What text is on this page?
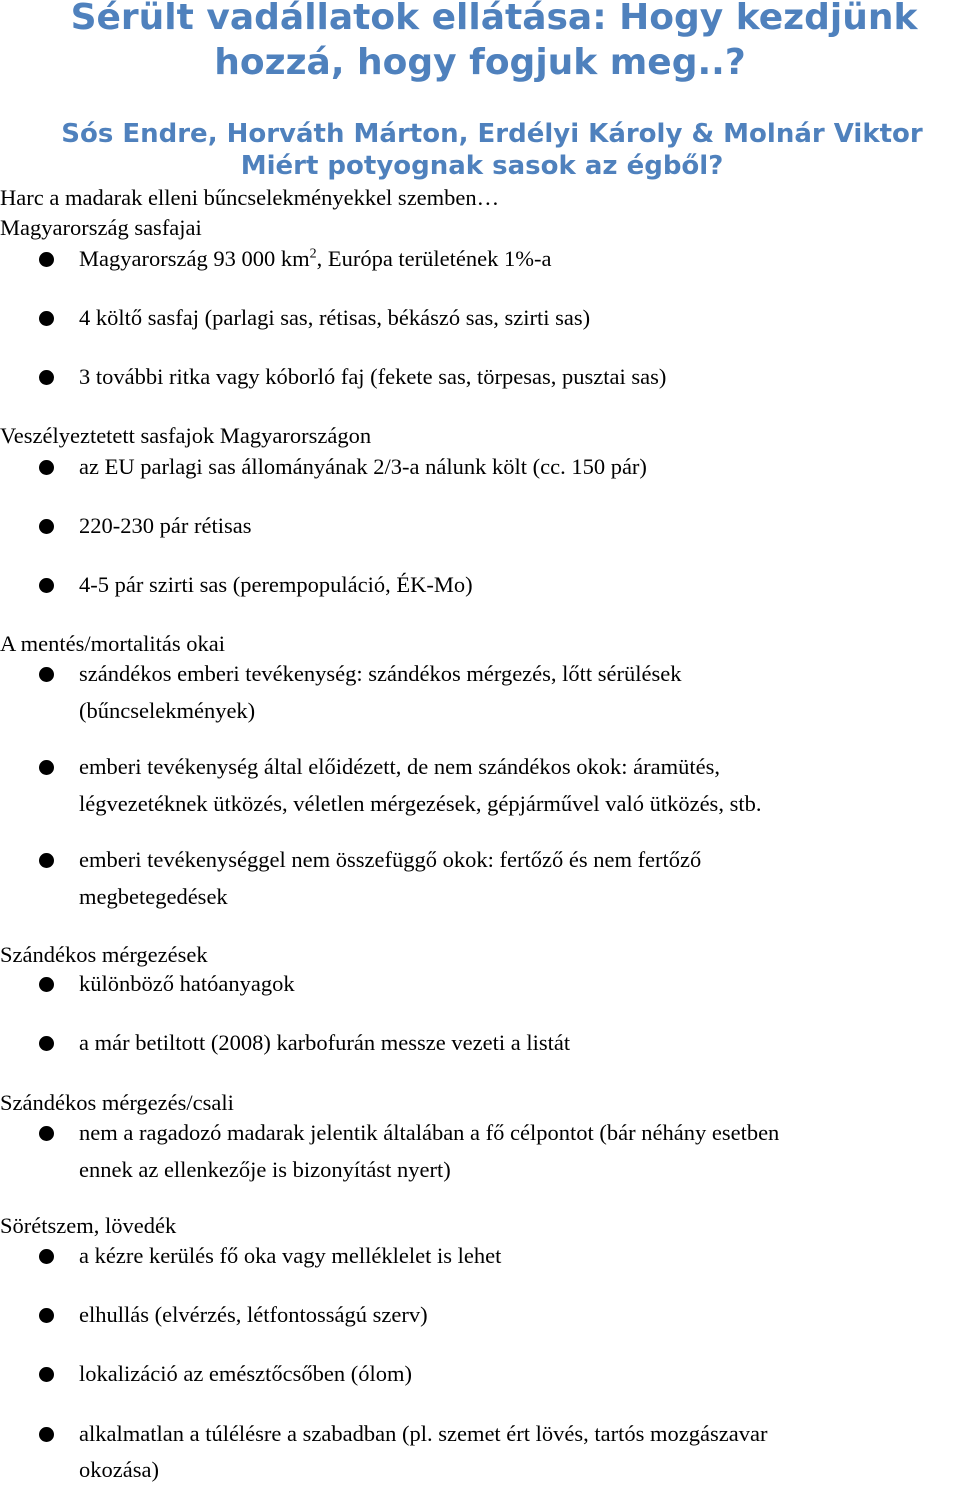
Sérült vadállatok ellátása: Hogy kezdjünk
hozzá, hogy fogjuk meg..?
Sós Endre, Horváth Márton, Erdélyi Károly & Molnár Viktor
Miért potyognak sasok az égből?
Harc a madarak elleni bűncselekményekkel szemben…
Magyarország sasfajai
Magyarország 93 000 $km^2$, Európa területének 1%-a
4 költő sasfaj (parlagi sas, rétisas, békászó sas, szirti sas)
3 további ritka vagy kóborló faj (fekete sas, törpesas, pusztai sas)
Veszélyeztetett sasfajok Magyarországon
az EU parlagi sas állományának 2/3-a nálunk költ (cc. 150 pár)
220-230 pár rétisas
4-5 pár szirti sas (perempopuláció, ÉK-Mo)
A mentés/mortalitás okai
szándékos emberi tevékenység: szándékos mérgezés, lőtt sérülések
(bűncselekmények)
emberi tevékenység által előidézett, de nem szándékos okok: áramütés,
légvezetéknek ütközés, véletlen mérgezések, gépjárművel való ütközés, stb.
emberi tevékenységgel nem összefüggő okok: fertőző és nem fertőző
megbetegedések
Szándékos mérgezések
különböző hatóanyagok
a már betiltott (2008) karbofurán messze vezeti a listát
Szándékos mérgezés/csali
nem a ragadozó madarak jelentik általában a fő célpontot (bár néhány esetben
ennek az ellenkezője is bizonyítást nyert)
Sörétszem, lövedék
a kézre kerülés fő oka vagy melléklelet is lehet
elhullás (elvérzés, létfontosságú szerv)
lokalizáció az emésztőcsőben (ólom)
alkalmatlan a túlélésre a szabadban (pl. szemet ért lövés, tartós mozgászavar
okozása)
